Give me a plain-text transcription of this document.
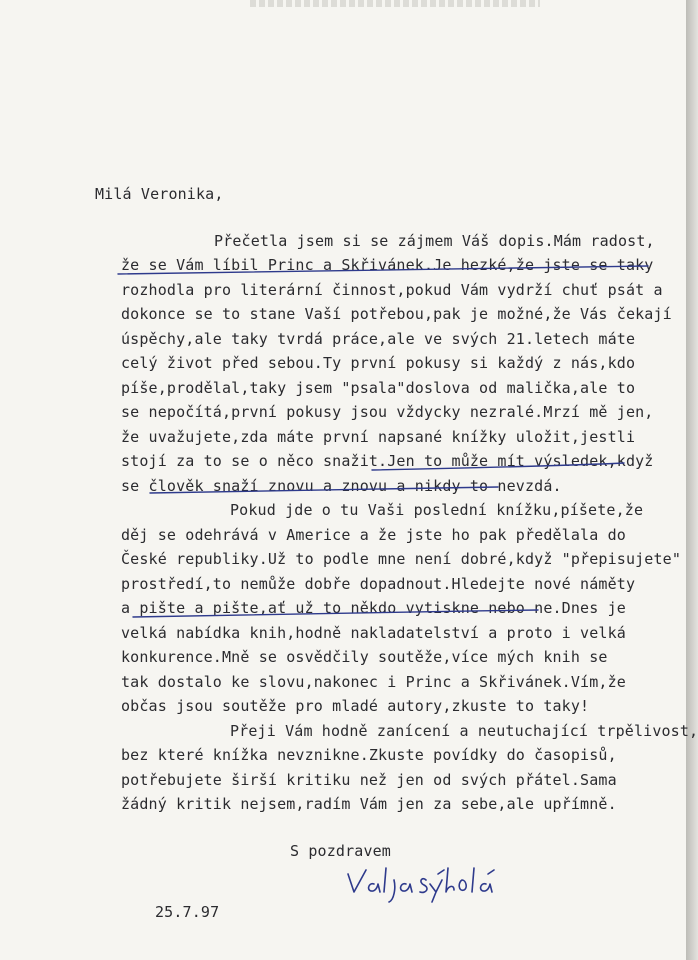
Milá Veronika,
Přečetla jsem si se zájmem Váš dopis.Mám radost,
že se Vám líbil Princ a Skřivánek.Je hezké,že jste se taky
rozhodla pro literární činnost,pokud Vám vydrží chuť psát a
dokonce se to stane Vaší potřebou,pak je možné,že Vás čekají
úspěchy,ale taky tvrdá práce,ale ve svých 21.letech máte
celý život před sebou.Ty první pokusy si každý z nás,kdo
píše,prodělal,taky jsem "psala"doslova od malička,ale to
se nepočítá,první pokusy jsou vždycky nezralé.Mrzí mě jen,
že uvažujete,zda máte první napsané knížky uložit,jestli
stojí za to se o něco snažit.Jen to může mít výsledek,když
se člověk snaží znovu a znovu a nikdy to nevzdá.
Pokud jde o tu Vaši poslední knížku,píšete,že
děj se odehrává v Americe a že jste ho pak předělala do
České republiky.Už to podle mne není dobré,když "přepisujete"
prostředí,to nemůže dobře dopadnout.Hledejte nové náměty
a pište a pište,ať už to někdo vytiskne nebo ne.Dnes je
velká nabídka knih,hodně nakladatelství a proto i velká
konkurence.Mně se osvědčily soutěže,více mých knih se
tak dostalo ke slovu,nakonec i Princ a Skřivánek.Vím,že
občas jsou soutěže pro mladé autory,zkuste to taky!
Přeji Vám hodně zanícení a neutuchající trpělivost,
bez které knížka nevznikne.Zkuste povídky do časopisů,
potřebujete širší kritiku než jen od svých přátel.Sama
žádný kritik nejsem,radím Vám jen za sebe,ale upřímně.
S pozdravem
25.7.97
